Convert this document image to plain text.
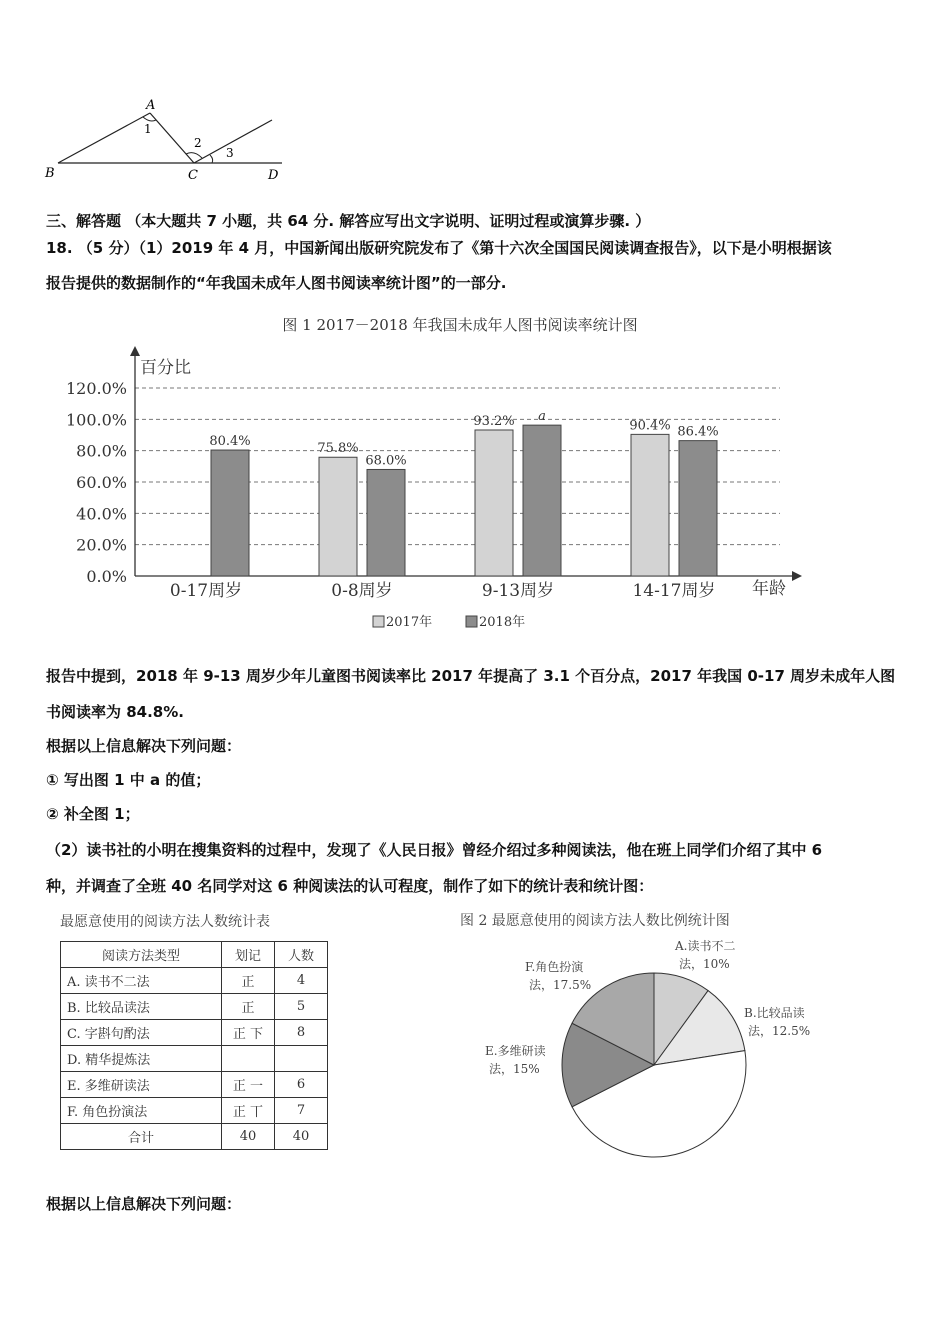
A
B	C	D
1
2
3
三、解答题 （本大题共 7 小题，共 64 分. 解答应写出文字说明、证明过程或演算步骤. ）
18. （5 分）（1）2019 年 4 月，中国新闻出版研究院发布了《第十六次全国国民阅读调查报告》，以下是小明根据该
报告提供的数据制作的“年我国未成年人图书阅读率统计图”的一部分.
图 1 2017－2018 年我国未成年人图书阅读率统计图
百分比
年龄
0.0%
20.0%
40.0%
60.0%
80.0%
100.0%
120.0%
80.4%	75.8%
68.0%
93.2% a
90.4% 86.4%
0-17周岁	0-8周岁	9-13周岁	14-17周岁
2017年	2018年
报告中提到，2018 年 9-13 周岁少年儿童图书阅读率比 2017 年提高了 3.1 个百分点，2017 年我国 0-17 周岁未成年人图
书阅读率为 84.8%.
根据以上信息解决下列问题：
① 写出图 1 中 a 的值；
② 补全图 1；
（2）读书社的小明在搜集资料的过程中，发现了《人民日报》曾经介绍过多种阅读法，他在班上同学们介绍了其中 6
种，并调查了全班 40 名同学对这 6 种阅读法的认可程度，制作了如下的统计表和统计图：
最愿意使用的阅读方法人数统计表
阅读方法类型	划记	人数
A. 读书不二法	正	4
B. 比较品读法	正	5
C. 字斟句酌法	正 下	8
D. 精华提炼法		
E. 多维研读法	正 一	6
F. 角色扮演法	正 丅	7
合计	40	40
图 2 最愿意使用的阅读方法人数比例统计图
A.读书不二
法，10%
B.比较品读
法，12.5%
E.多维研读
法，15%
F.角色扮演
法，17.5%
根据以上信息解决下列问题：
